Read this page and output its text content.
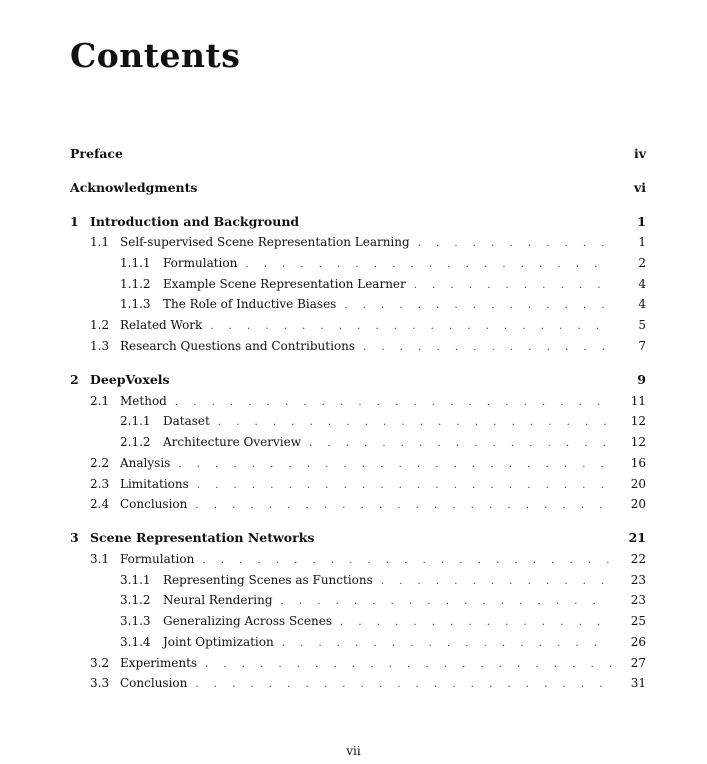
Contents
Preface	iv
Acknowledgments	vi
1 Introduction and Background	1
1.1 Self-supervised Scene Representation Learning . . .	1
1.1.1	Formulation . . .	2
1.1.2	Example Scene Representation Learner . . .	4
1.1.3	The Role of Inductive Biases . . .	4
1.2 Related Work . . .	5
1.3 Research Questions and Contributions . . .	7
2 DeepVoxels	9
2.1 Method . . .	11
2.1.1	Dataset . . .	12
2.1.2	Architecture Overview . . .	12
2.2 Analysis . . .	16
2.3 Limitations . . .	20
2.4 Conclusion . . .	20
3 Scene Representation Networks	21
3.1 Formulation . . .	22
3.1.1	Representing Scenes as Functions . . .	23
3.1.2	Neural Rendering . . .	23
3.1.3	Generalizing Across Scenes . . .	25
3.1.4	Joint Optimization . . .	26
3.2 Experiments . . .	27
3.3 Conclusion . . .	31
vii
